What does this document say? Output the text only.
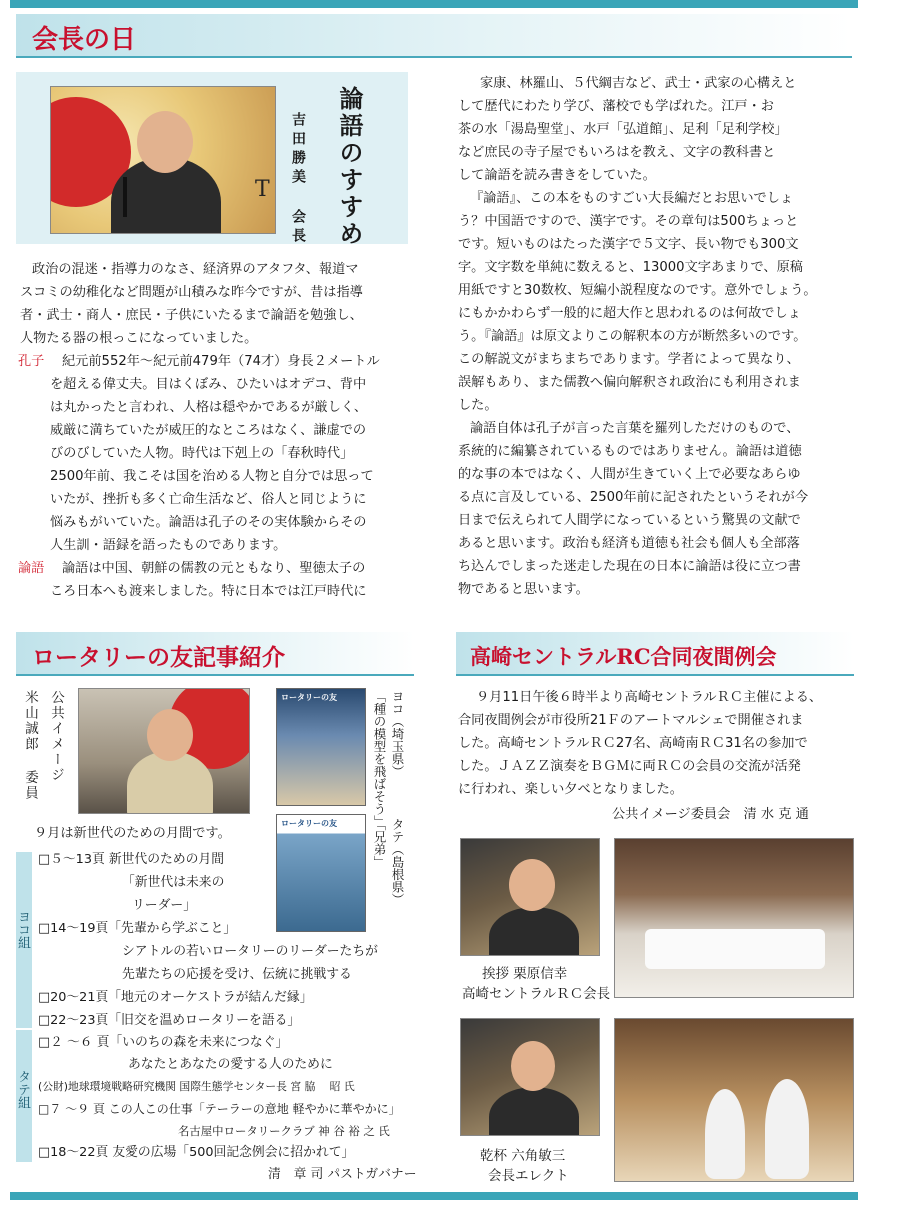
会長の日
T 吉田勝美 会長 論語のすすめ

政治の混迷・指導力のなさ、経済界のアタフタ、報道マ

スコミの幼稚化など問題が山積みな昨今ですが、昔は指導

者・武士・商人・庶民・子供にいたるまで論語を勉強し、

人物たる器の根っこになっていました。

孔子	紀元前552年〜紀元前479年（74才）身長２メートル

を超える偉丈夫。目はくぼみ、ひたいはオデコ、背中

は丸かったと言われ、人格は穏やかであるが厳しく、

威厳に満ちていたが威圧的なところはなく、謙虚での

びのびしていた人物。時代は下剋上の「春秋時代」

2500年前、我こそは国を治める人物と自分では思って

いたが、挫折も多く亡命生活など、俗人と同じように

悩みもがいていた。論語は孔子のその実体験からその

人生訓・語録を語ったものであります。

論語	論語は中国、朝鮮の儒教の元ともなり、聖徳太子の

ころ日本へも渡来しました。特に日本では江戸時代に

家康、林羅山、５代綱吉など、武士・武家の心構えと

して歴代にわたり学び、藩校でも学ばれた。江戸・お

茶の水「湯島聖堂」、水戸「弘道館」、足利「足利学校」

など庶民の寺子屋でもいろはを教え、文字の教科書と

して論語を読み書きをしていた。

『論語』、この本をものすごい大長編だとお思いでしょ

う？中国語ですので、漢字です。その章句は500ちょっと

です。短いものはたった漢字で５文字、長い物でも300文

字。文字数を単純に数えると、13000文字あまりで、原稿

用紙ですと30数枚、短編小説程度なのです。意外でしょう。

にもかかわらず一般的に超大作と思われるのは何故でしょ

う。『論語』は原文よりこの解釈本の方が断然多いのです。

この解説文がまちまちであります。学者によって異なり、

誤解もあり、また儒教へ偏向解釈され政治にも利用されま

した。

論語自体は孔子が言った言葉を羅列しただけのもので、

系統的に編纂されているものではありません。論語は道徳

的な事の本ではなく、人間が生きていく上で必要なあらゆ

る点に言及している、2500年前に記されたというそれが今

日まで伝えられて人間学になっているという驚異の文献で

あると思います。政治も経済も道徳も社会も個人も全部落

ち込んでしまった迷走した現在の日本に論語は役に立つ書

物であると思います。

ロータリーの友記事紹介	高崎セントラルRC合同夜間例会
公共イメージ
米山誠郎 委員	ロータリーの友
ロータリーの友
ヨコ（埼玉県）
「種の模型を飛ばそう」
タテ（島根県）
「兄弟」
９月は新世代のための月間です。
ヨコ組
タテ組

□５〜13頁 新世代のための月間

「新世代は未来の

リーダー」

□14〜19頁「先輩から学ぶこと」

シアトルの若いロータリーのリーダーたちが

先輩たちの応援を受け、伝統に挑戦する

□20〜21頁「地元のオーケストラが結んだ縁」

□22〜23頁「旧交を温めロータリーを語る」

□２ 〜６ 頁「いのちの森を未来につなぐ」

あなたとあなたの愛する人のために

(公財)地球環境戦略研究機関 国際生態学センター長 宮 脇　 昭 氏

□７ 〜９ 頁 この人この仕事「テーラーの意地 軽やかに華やかに」

名古屋中ロータリークラブ 神 谷 裕 之 氏

□18〜22頁 友愛の広場「500回記念例会に招かれて」

清　章 司 パストガバナー

９月11日午後６時半より高崎セントラルＲＣ主催による、

合同夜間例会が市役所21Ｆのアートマルシェで開催されま

した。高崎セントラルＲＣ27名、高崎南ＲＣ31名の参加で

した。ＪＡＺＺ演奏をＢＧＭに両ＲＣの会員の交流が活発

に行われ、楽しい夕べとなりました。

公共イメージ委員会　清 水 克 通
挨拶 栗原信幸
高崎セントラルＲＣ会長
乾杯 六角敏三
会長エレクト
